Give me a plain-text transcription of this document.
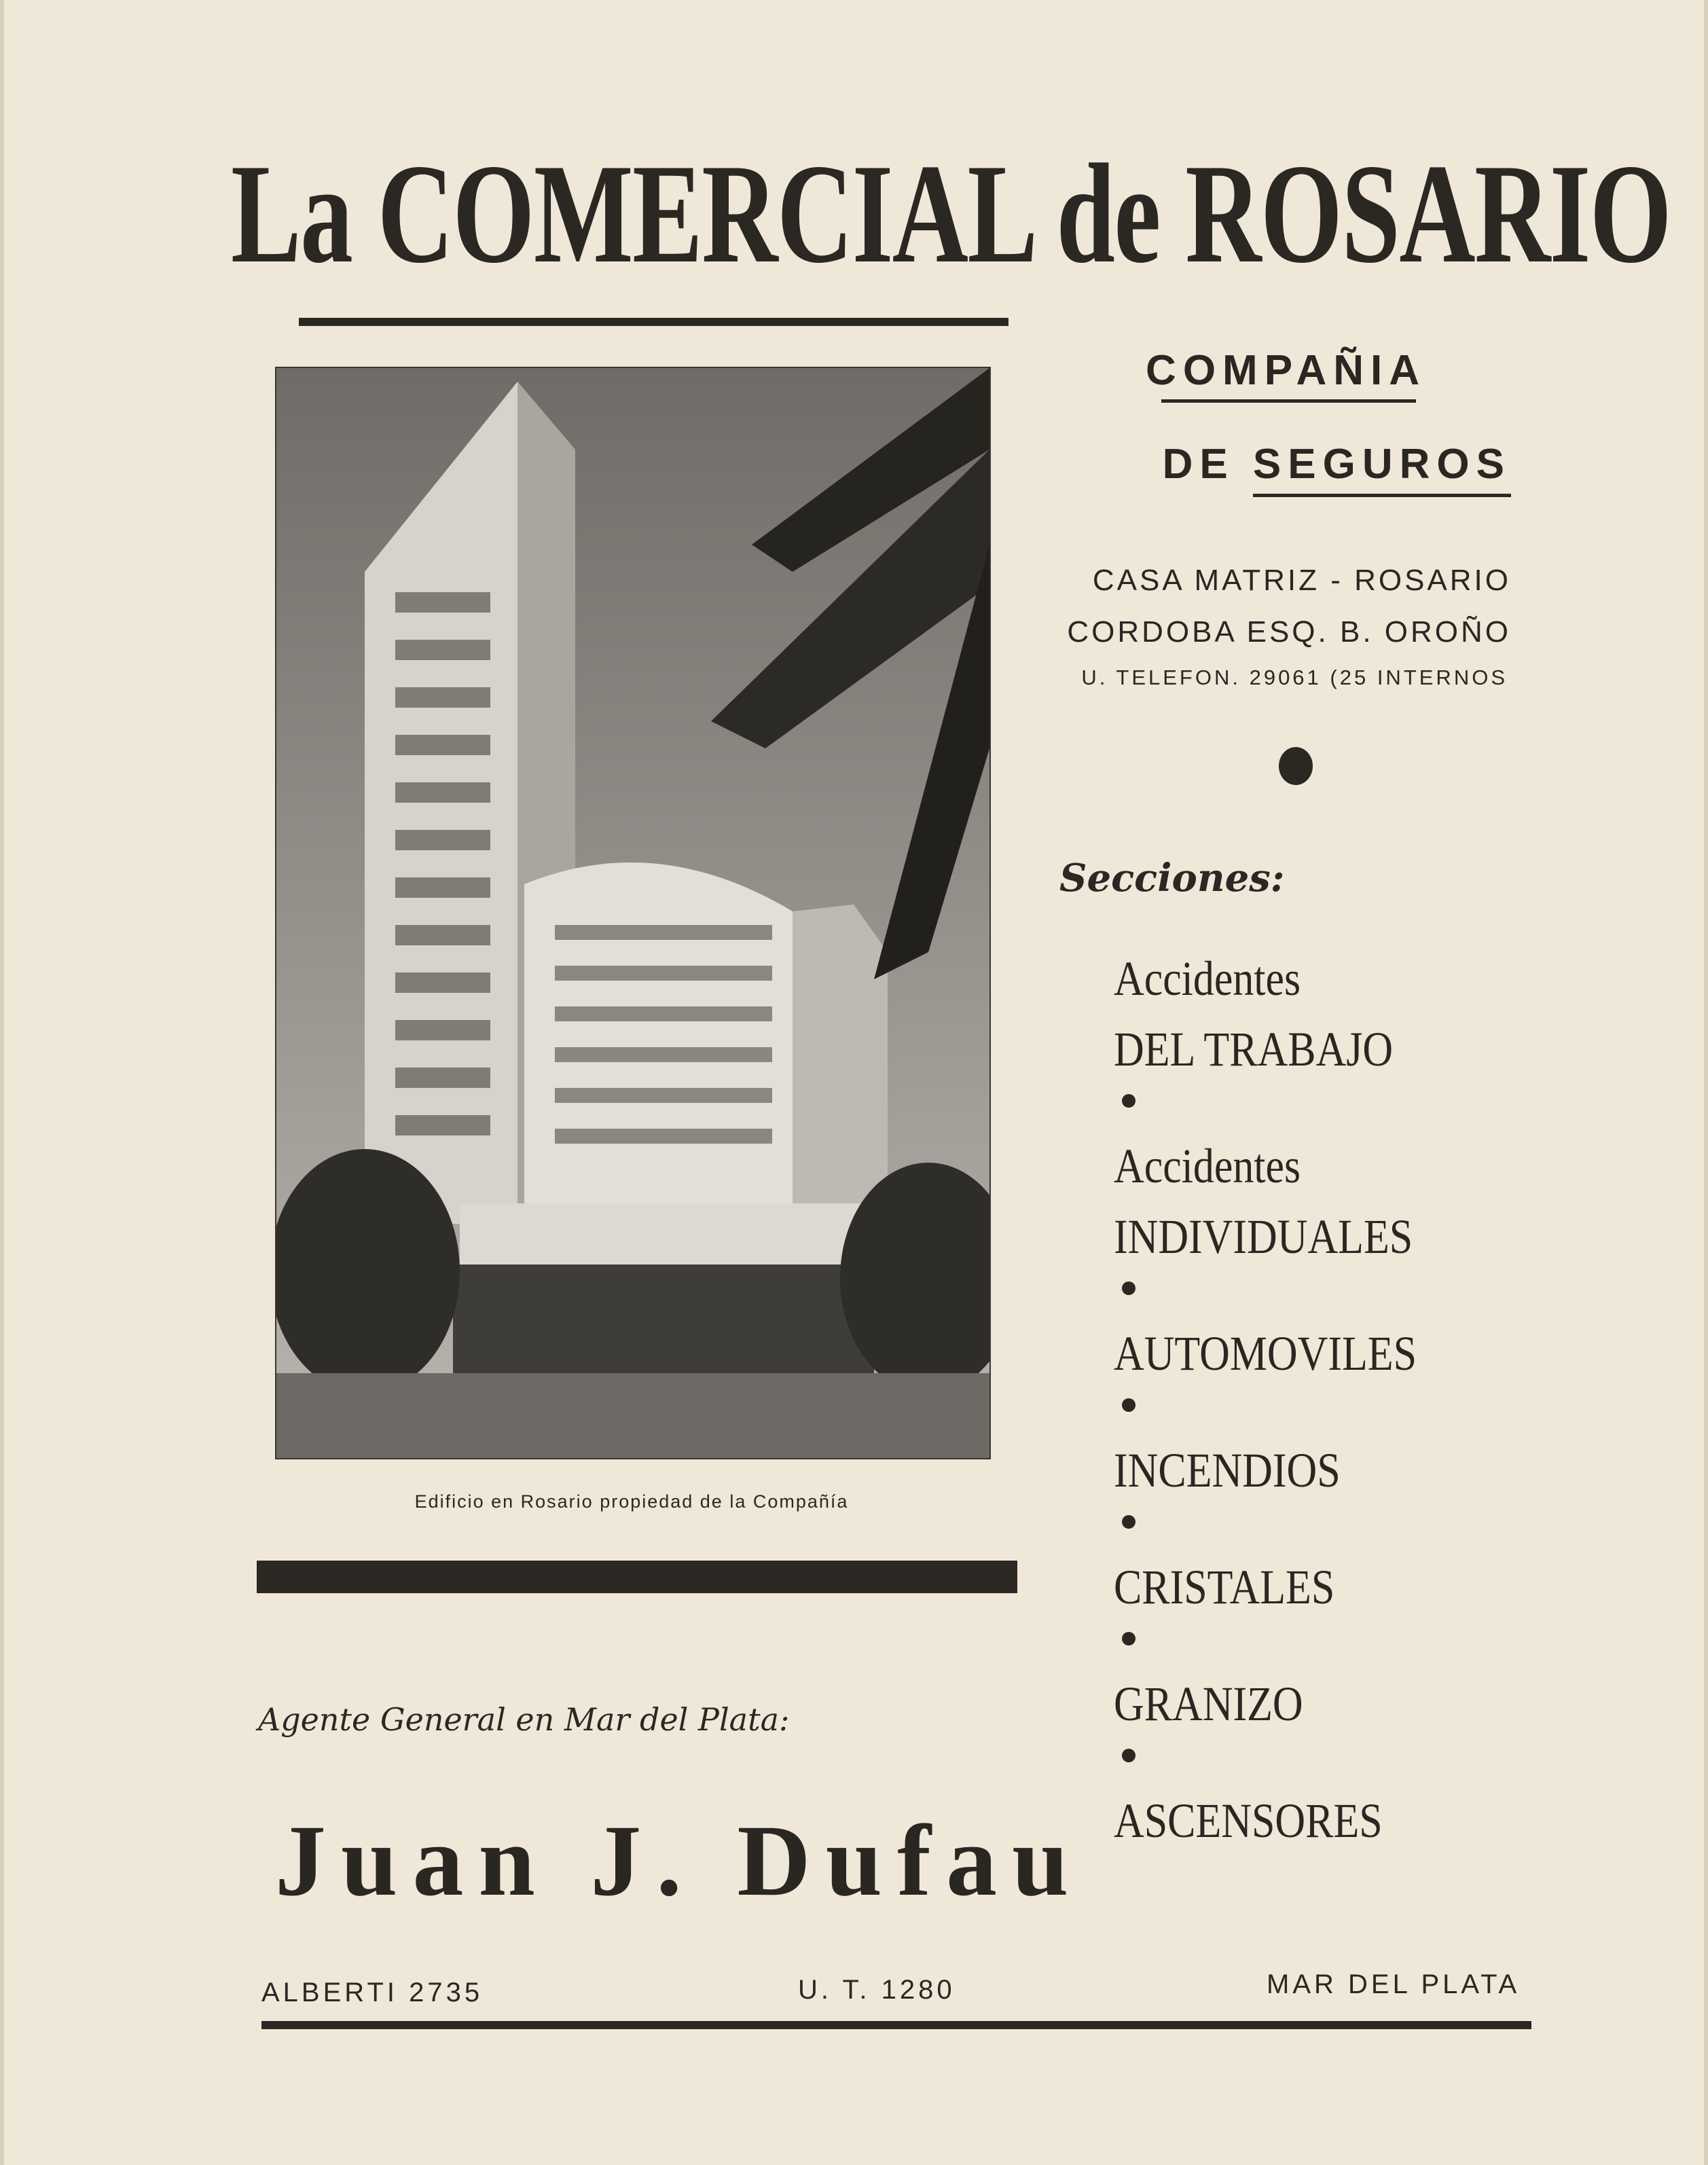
La COMERCIAL de ROSARIO
COMPAÑIA
DE SEGUROS
CASA MATRIZ - ROSARIO
CORDOBA ESQ. B. OROÑO
U. TELEFON. 29061 (25 INTERNOS
Edificio en Rosario propiedad de la Compañía
Secciones:
Accidentes
DEL TRABAJO
Accidentes
INDIVIDUALES
AUTOMOVILES
INCENDIOS
CRISTALES
GRANIZO
ASCENSORES
Agente General en Mar del Plata:
Juan J. Dufau
ALBERTI 2735	U. T. 1280	MAR DEL PLATA
